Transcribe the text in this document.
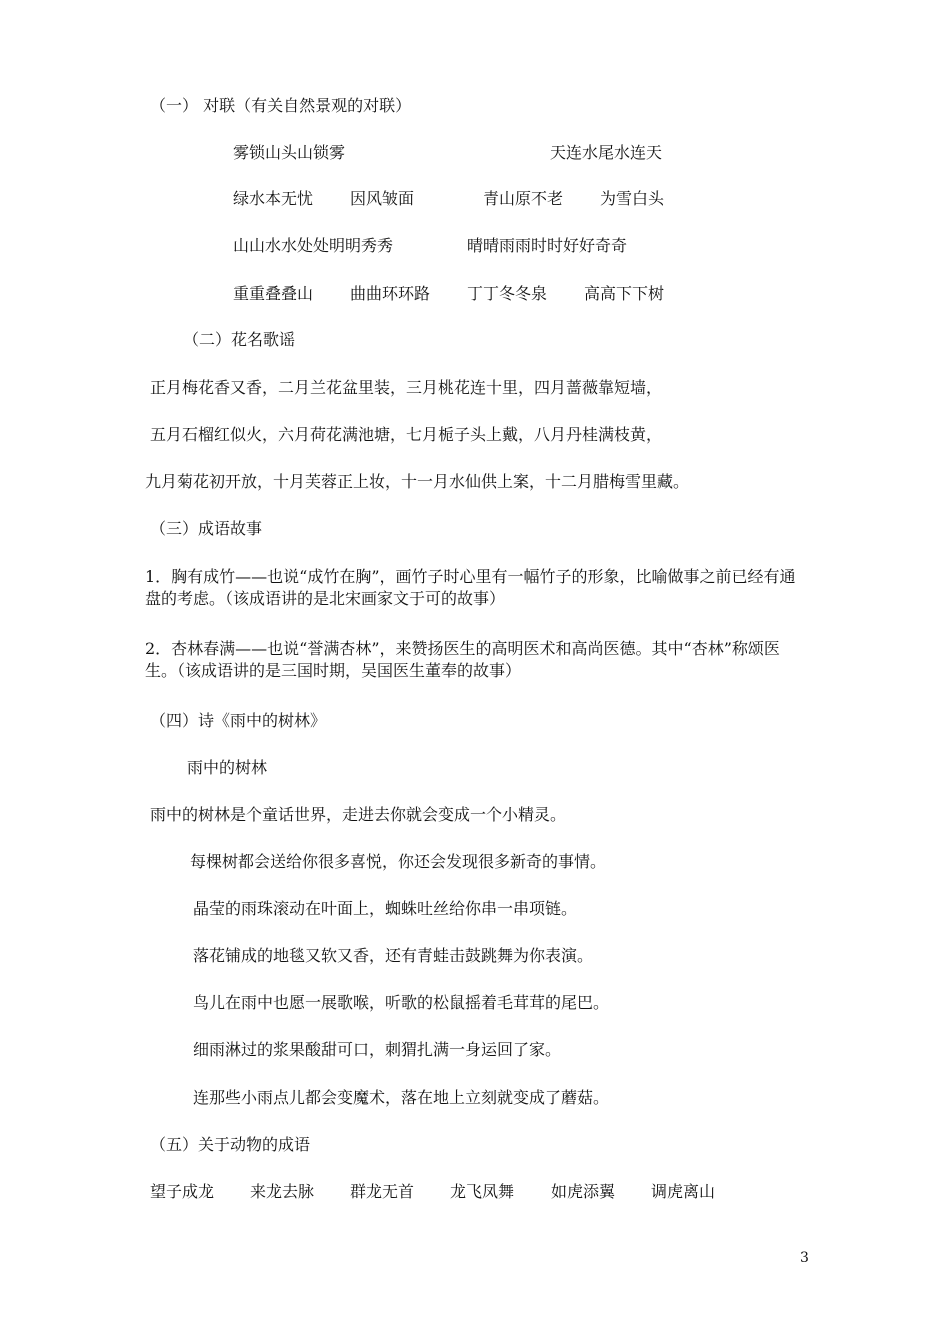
（一） 对联（有关自然景观的对联）
雾锁山头山锁雾	天连水尾水连天
绿水本无忧 因风皱面	青山原不老 为雪白头
山山水水处处明明秀秀	晴晴雨雨时时好好奇奇
重重叠叠山 曲曲环环路 丁丁冬冬泉 高高下下树
（二）花名歌谣
正月梅花香又香，二月兰花盆里装，三月桃花连十里，四月蔷薇靠短墙，
五月石榴红似火，六月荷花满池塘，七月栀子头上戴，八月丹桂满枝黄，
九月菊花初开放，十月芙蓉正上妆，十一月水仙供上案，十二月腊梅雪里藏。
（三）成语故事
1．胸有成竹——也说“成竹在胸”，画竹子时心里有一幅竹子的形象，比喻做事之前已经有通盘的考虑。（该成语讲的是北宋画家文于可的故事）
2．杏林春满——也说“誉满杏林”，来赞扬医生的高明医术和高尚医德。其中“杏林”称颂医生。（该成语讲的是三国时期，吴国医生董奉的故事）
（四）诗《雨中的树林》
雨中的树林
雨中的树林是个童话世界，走进去你就会变成一个小精灵。
每棵树都会送给你很多喜悦，你还会发现很多新奇的事情。
晶莹的雨珠滚动在叶面上，蜘蛛吐丝给你串一串项链。
落花铺成的地毯又软又香，还有青蛙击鼓跳舞为你表演。
鸟儿在雨中也愿一展歌喉，听歌的松鼠摇着毛茸茸的尾巴。
细雨淋过的浆果酸甜可口，刺猬扎满一身运回了家。
连那些小雨点儿都会变魔术，落在地上立刻就变成了蘑菇。
（五）关于动物的成语
望子成龙 来龙去脉 群龙无首 龙飞凤舞 如虎添翼 调虎离山
3
